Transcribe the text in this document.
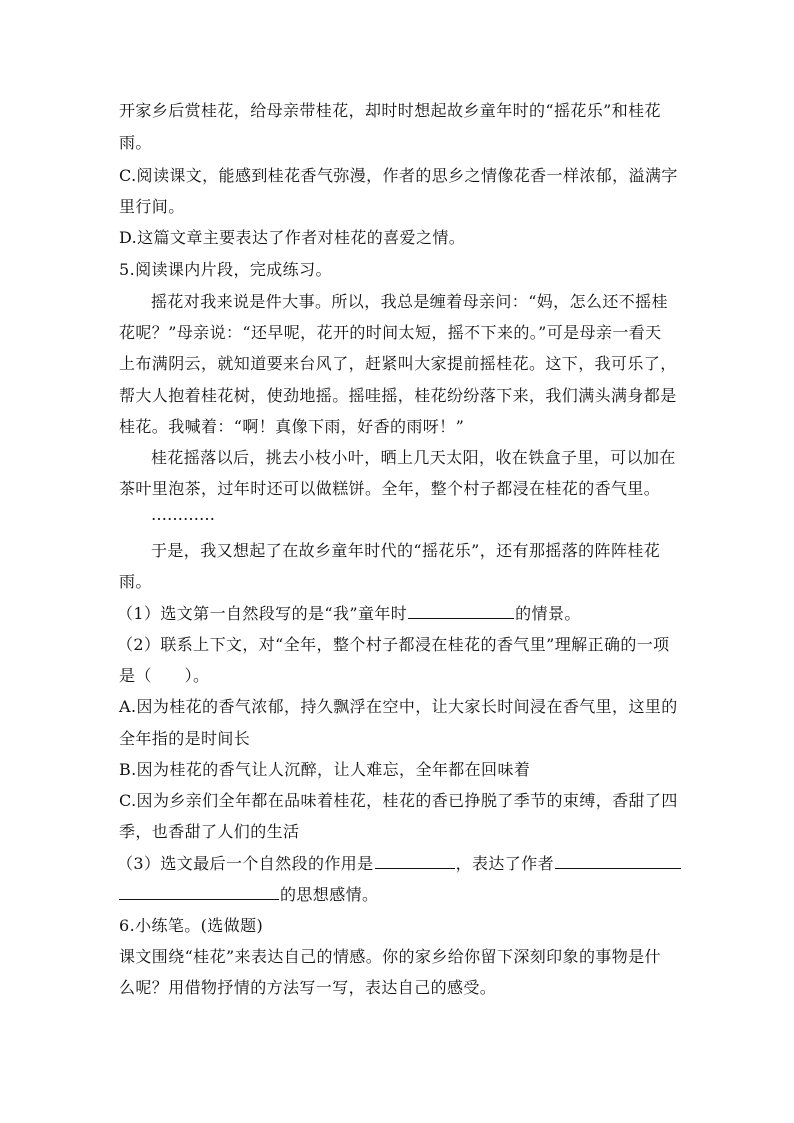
开家乡后赏桂花，给母亲带桂花，却时时想起故乡童年时的“摇花乐”和桂花
雨。
C.阅读课文，能感到桂花香气弥漫，作者的思乡之情像花香一样浓郁，溢满字
里行间。
D.这篇文章主要表达了作者对桂花的喜爱之情。
5.阅读课内片段，完成练习。
摇花对我来说是件大事。所以，我总是缠着母亲问：“妈，怎么还不摇桂
花呢？”母亲说：“还早呢，花开的时间太短，摇不下来的。”可是母亲一看天
上布满阴云，就知道要来台风了，赶紧叫大家提前摇桂花。这下，我可乐了，
帮大人抱着桂花树，使劲地摇。摇哇摇，桂花纷纷落下来，我们满头满身都是
桂花。我喊着：“啊！真像下雨，好香的雨呀！”
桂花摇落以后，挑去小枝小叶，晒上几天太阳，收在铁盒子里，可以加在
茶叶里泡茶，过年时还可以做糕饼。全年，整个村子都浸在桂花的香气里。
…………
于是，我又想起了在故乡童年时代的“摇花乐”，还有那摇落的阵阵桂花
雨。
（1）选文第一自然段写的是“我”童年时	的情景。
（2）联系上下文，对“全年，整个村子都浸在桂花的香气里”理解正确的一项
是（　　）。
A.因为桂花的香气浓郁，持久飘浮在空中，让大家长时间浸在香气里，这里的
全年指的是时间长
B.因为桂花的香气让人沉醉，让人难忘，全年都在回味着
C.因为乡亲们全年都在品味着桂花，桂花的香已挣脱了季节的束缚，香甜了四
季，也香甜了人们的生活
（3）选文最后一个自然段的作用是	，表达了作者
的思想感情。
6.小练笔。(选做题)
课文围绕“桂花”来表达自己的情感。你的家乡给你留下深刻印象的事物是什
么呢？用借物抒情的方法写一写，表达自己的感受。
